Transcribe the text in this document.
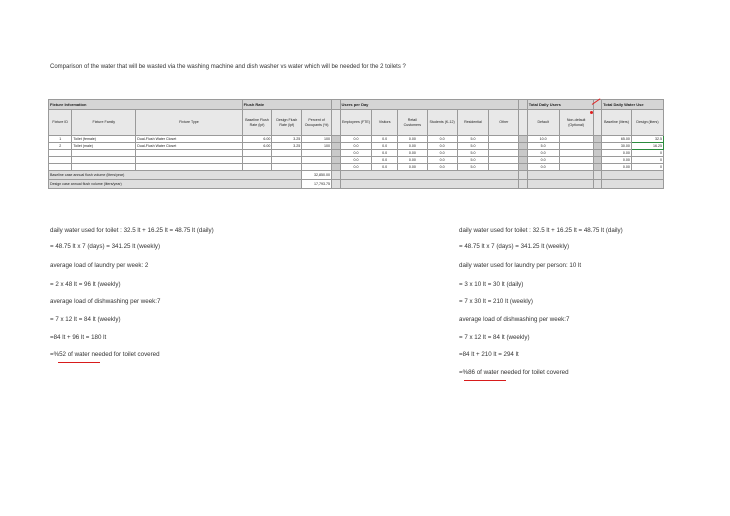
Comparison of the water that will be wasted via the washing machine and dish washer vs water which will be needed for the 2 toilets ?
Fixture Information			Flush Rate				Users per Day							Total Daily Users			Total Daily Water Use	
Fixture ID	Fixture Family	Fixture Type	Baseline Flush Rate (lpf)	Design Flush Rate (lpf)	Percent of Occupants (%)		Employees (FTE)	Visitors	Retail Customers	Students (K-12)	Residential	Other		Default	Non-default (Optional)		Baseline (liters)	Design (liters)
1	Toilet (female)	Dual-Flush Water Closet	6.00	3.25	100		0.0	0.0	0.00	0.0	5.0			10.0			65.00	32.5
2	Toilet (male)	Dual-Flush Water Closet	6.00	3.25	100		0.0	0.0	0.00	0.0	5.0			5.0			30.00	16.25
							0.0	0.0	0.00	0.0	5.0			0.0			0.00	0
							0.0	0.0	0.00	0.0	5.0			0.0			0.00	0
							0.0	0.0	0.00	0.0	5.0			0.0			0.00	0
Baseline case annual flush volume (liters/year)					32,850.00													
Design case annual flush volume (liters/year)					17,793.75													
daily water used for toilet : 32.5 lt + 16.25 lt = 48.75 lt (daily)
= 48.75 lt x 7 (days) = 341.25 lt (weekly)
average load of laundry per week: 2
= 2 x 48 lt = 96 lt (weekly)
average load of dishwashing per week:7
= 7 x 12 lt = 84 lt (weekly)
=84 lt + 96 lt = 180 lt
=%52 of water needed for toilet covered
daily water used for toilet : 32.5 lt + 16.25 lt = 48.75 lt (daily)
= 48.75 lt x 7 (days) = 341.25 lt (weekly)
daily water used for laundry per person: 10 lt
= 3 x 10 lt = 30 lt (daily)
= 7 x 30 lt = 210 lt (weekly)
average load of dishwashing per week:7
= 7 x 12 lt = 84 lt (weekly)
=84 lt + 210 lt = 294 lt
=%86 of water needed for toilet covered
